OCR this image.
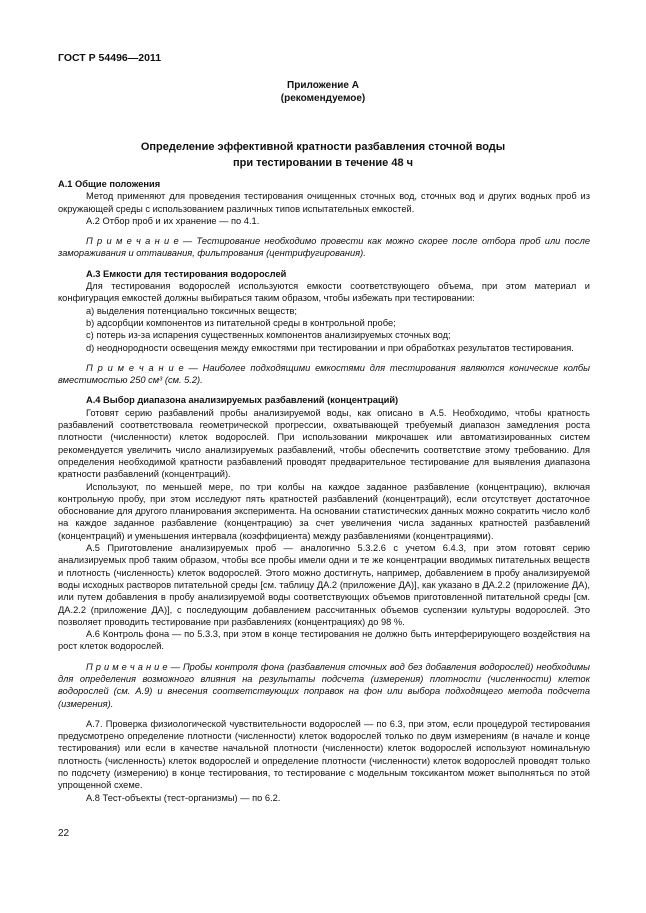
ГОСТ Р 54496—2011
Приложение А
(рекомендуемое)
Определение эффективной кратности разбавления сточной воды
при тестировании в течение 48 ч

А.1 Общие положения

Метод применяют для проведения тестирования очищенных сточных вод, сточных вод и других водных проб из окружающей среды с использованием различных типов испытательных емкостей.

А.2 Отбор проб и их хранение — по 4.1.

П р и м е ч а н и е — Тестирование необходимо провести как можно скорее после отбора проб или после замораживания и оттаивания, фильтрования (центрифугирования).

А.3 Емкости для тестирования водорослей

Для тестирования водорослей используются емкости соответствующего объема, при этом материал и конфигурация емкостей должны выбираться таким образом, чтобы избежать при тестировании:

а) выделения потенциально токсичных веществ;

b) адсорбции компонентов из питательной среды в контрольной пробе;

c) потерь из-за испарения существенных компонентов анализируемых сточных вод;

d) неоднородности освещения между емкостями при тестировании и при обработках результатов тестирования.

П р и м е ч а н и е — Наиболее подходящими емкостями для тестирования являются конические колбы вместимостью 250 см³ (см. 5.2).

А.4 Выбор диапазона анализируемых разбавлений (концентраций)

Готовят серию разбавлений пробы анализируемой воды, как описано в А.5. Необходимо, чтобы кратность разбавлений соответствовала геометрической прогрессии, охватывающей требуемый диапазон замедления роста плотности (численности) клеток водорослей. При использовании микрочашек или автоматизированных систем рекомендуется увеличить число анализируемых разбавлений, чтобы обеспечить соответствие этому требованию. Для определения необходимой кратности разбавлений проводят предварительное тестирование для выявления диапазона кратности разбавлений (концентраций).

Используют, по меньшей мере, по три колбы на каждое заданное разбавление (концентрацию), включая контрольную пробу, при этом исследуют пять кратностей разбавлений (концентраций), если отсутствует достаточное обоснование для другого планирования эксперимента. На основании статистических данных можно сократить число колб на каждое заданное разбавление (концентрацию) за счет увеличения числа заданных кратностей разбавлений (концентраций) и уменьшения интервала (коэффициента) между разбавлениями (концентрациями).

А.5 Приготовление анализируемых проб — аналогично 5.3.2.6 с учетом 6.4.3, при этом готовят серию анализируемых проб таким образом, чтобы все пробы имели одни и те же концентрации вводимых питательных веществ и плотность (численность) клеток водорослей. Этого можно достигнуть, например, добавлением в пробу анализируемой воды исходных растворов питательной среды [см. таблицу ДА.2 (приложение ДА)], как указано в ДА.2.2 (приложение ДА), или путем добавления в пробу анализируемой воды соответствующих объемов приготовленной питательной среды [см. ДА.2.2 (приложение ДА)], с последующим добавлением рассчитанных объемов суспензии культуры водорослей. Это позволяет проводить тестирование при разбавлениях (концентрациях) до 98 %.

А.6 Контроль фона — по 5.3.3, при этом в конце тестирования не должно быть интерферирующего воздействия на рост клеток водорослей.

П р и м е ч а н и е — Пробы контроля фона (разбавления сточных вод без добавления водорослей) необходимы для определения возможного влияния на результаты подсчета (измерения) плотности (численности) клеток водорослей (см. А.9) и внесения соответствующих поправок на фон или выбора подходящего метода подсчета (измерения).

А.7. Проверка физиологической чувствительности водорослей — по 6.3, при этом, если процедурой тестирования предусмотрено определение плотности (численности) клеток водорослей только по двум измерениям (в начале и конце тестирования) или если в качестве начальной плотности (численности) клеток водорослей используют номинальную плотность (численность) клеток водорослей и определение плотности (численности) клеток водорослей проводят только по подсчету (измерению) в конце тестирования, то тестирование с модельным токсикантом может выполняться по этой упрощенной схеме.

А.8 Тест-объекты (тест-организмы) — по 6.2.

22
